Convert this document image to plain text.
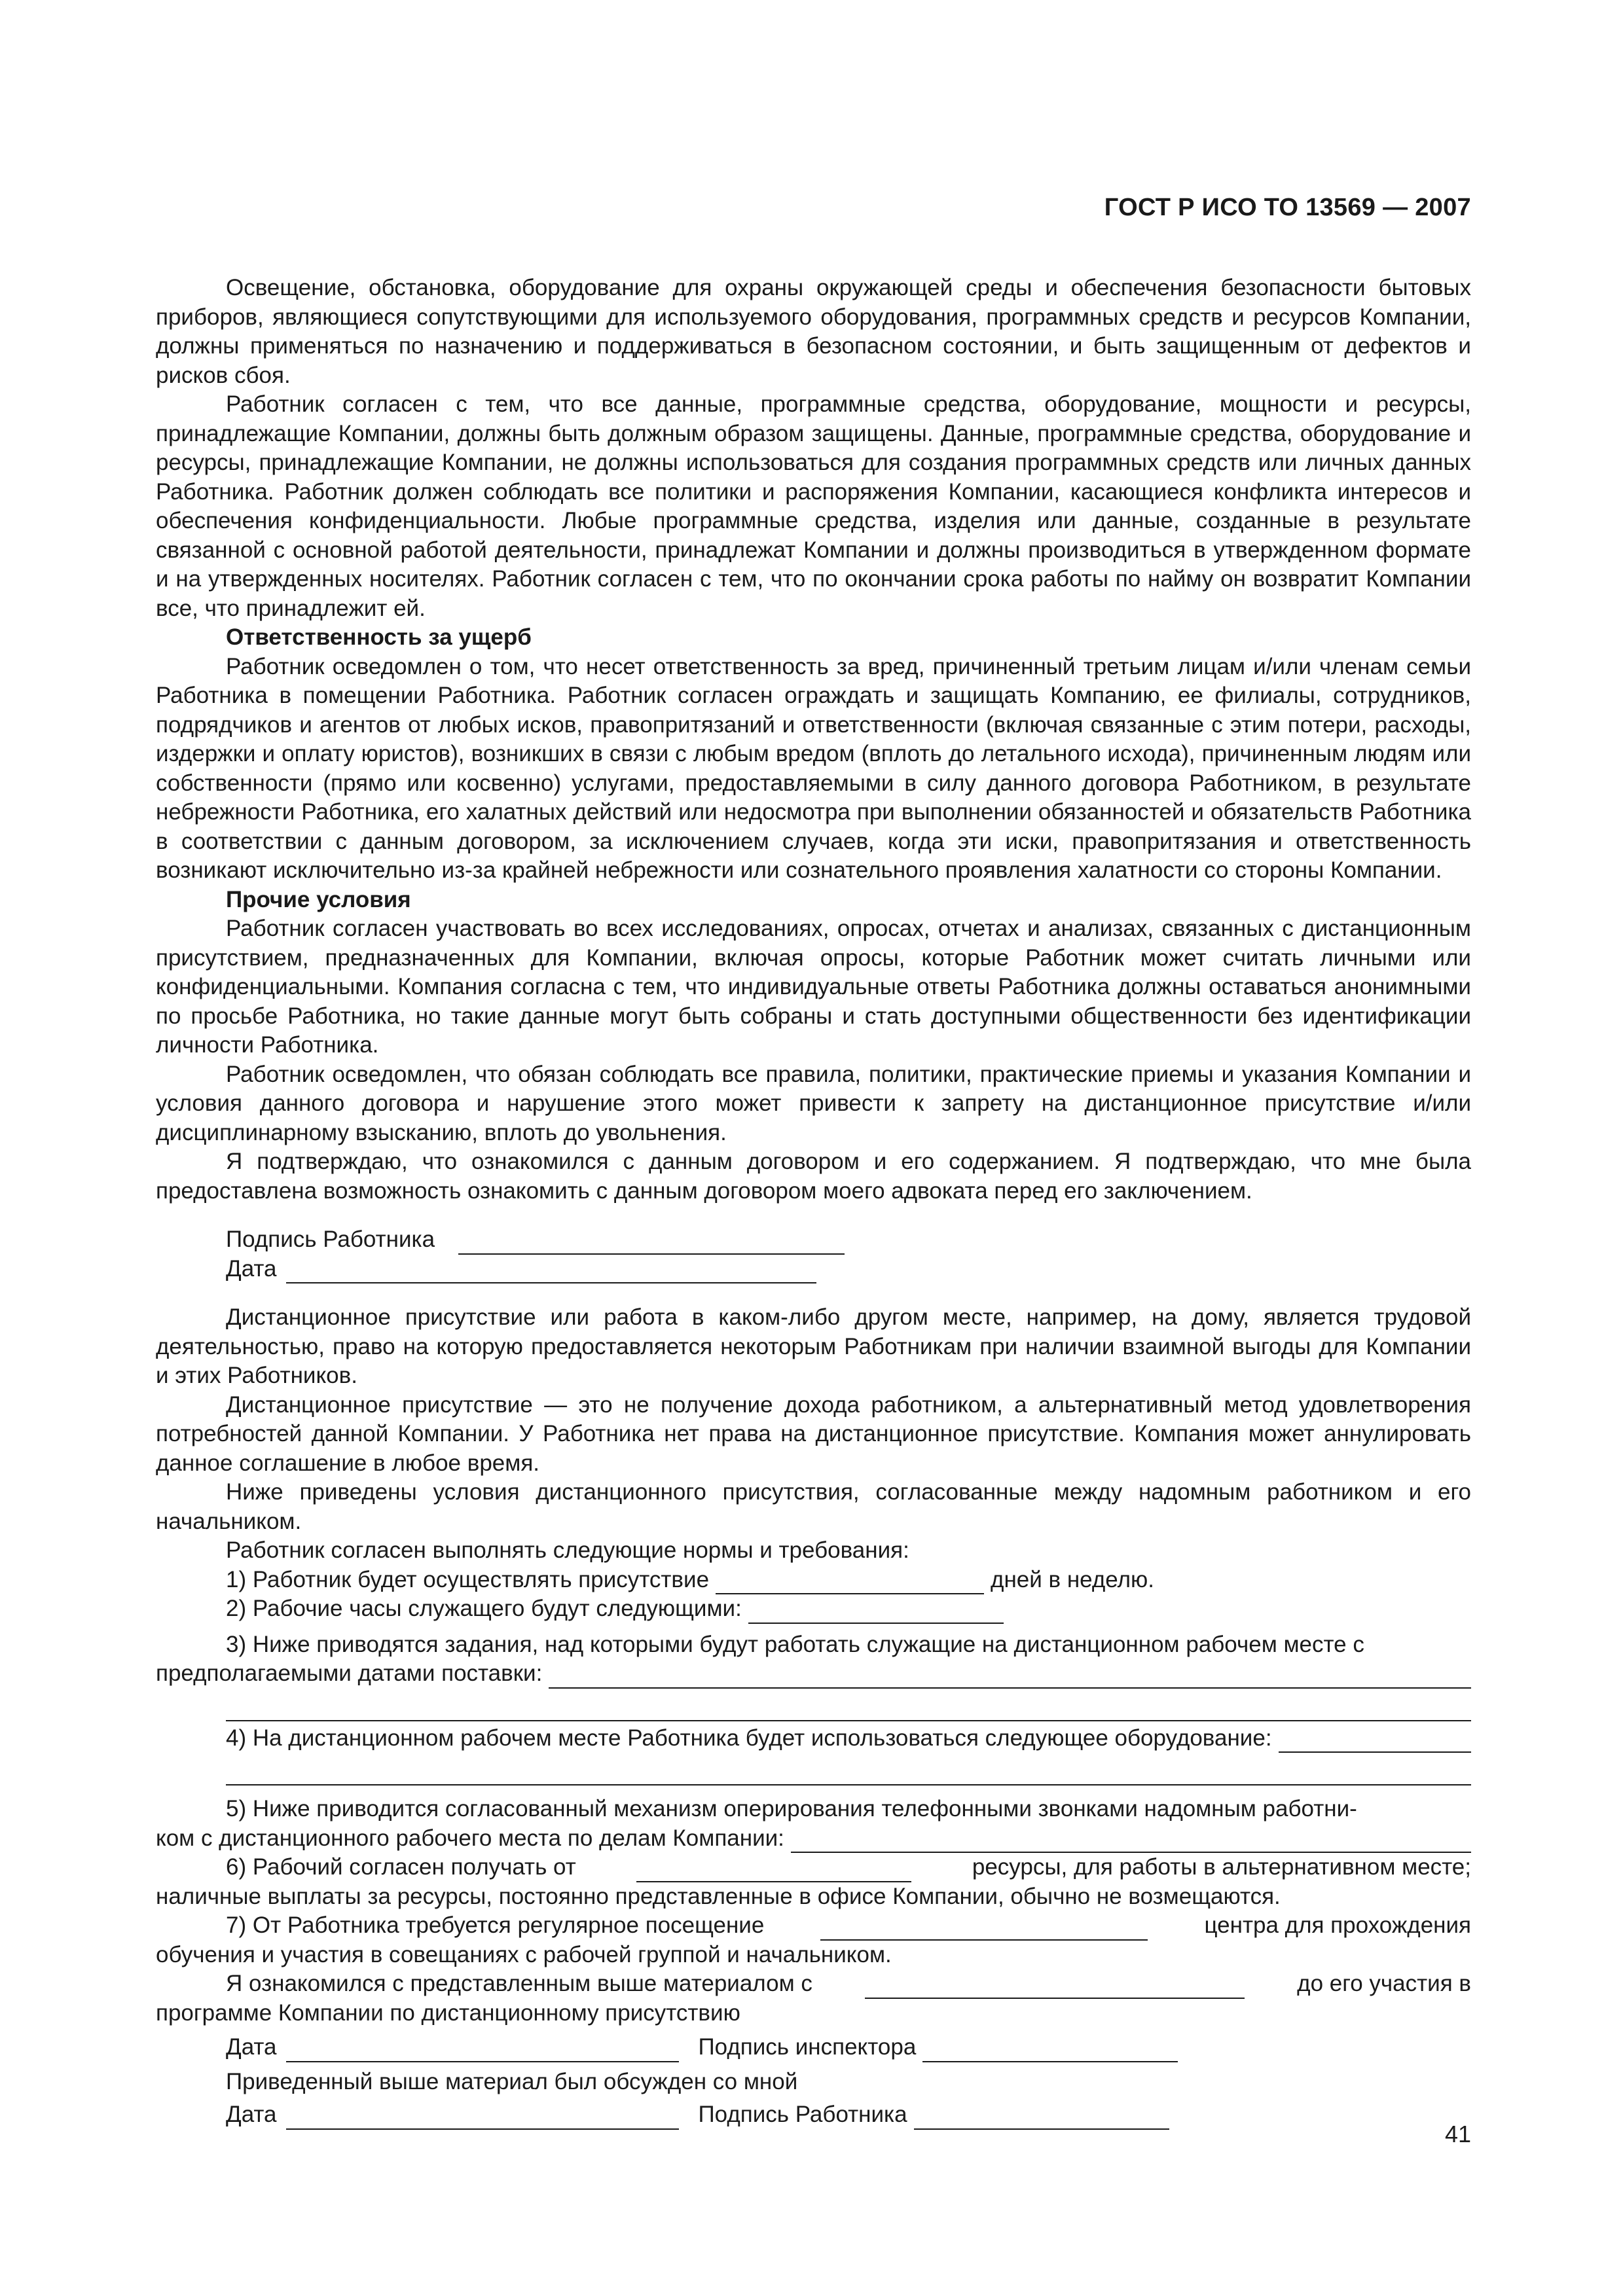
ГОСТ Р ИСО ТО 13569 — 2007

Освещение, обстановка, оборудование для охраны окружающей среды и обеспечения безопасности бытовых приборов, являющиеся сопутствующими для используемого оборудования, программных средств и ресурсов Компании, должны применяться по назначению и поддерживаться в безопасном состоянии, и быть защищенным от дефектов и рисков сбоя.

Работник согласен с тем, что все данные, программные средства, оборудование, мощности и ресурсы, принадлежащие Компании, должны быть должным образом защищены. Данные, программные средства, оборудование и ресурсы, принадлежащие Компании, не должны использоваться для создания программных средств или личных данных Работника. Работник должен соблюдать все политики и распоряжения Компании, касающиеся конфликта интересов и обеспечения конфиденциальности. Любые программные средства, изделия или данные, созданные в результате связанной с основной работой деятельности, принадлежат Компании и должны производиться в утвержденном формате и на утвержденных носителях. Работник согласен с тем, что по окончании срока работы по найму он возвратит Компании все, что принадлежит ей.

Ответственность за ущерб

Работник осведомлен о том, что несет ответственность за вред, причиненный третьим лицам и/или членам семьи Работника в помещении Работника. Работник согласен ограждать и защищать Компанию, ее филиалы, сотрудников, подрядчиков и агентов от любых исков, правопритязаний и ответственности (включая связанные с этим потери, расходы, издержки и оплату юристов), возникших в связи с любым вредом (вплоть до летального исхода), причиненным людям или собственности (прямо или косвенно) услугами, предоставляемыми в силу данного договора Работником, в результате небрежности Работника, его халатных действий или недосмотра при выполнении обязанностей и обязательств Работника в соответствии с данным договором, за исключением случаев, когда эти иски, правопритязания и ответственность возникают исключительно из-за крайней небрежности или сознательного проявления халатности со стороны Компании.

Прочие условия

Работник согласен участвовать во всех исследованиях, опросах, отчетах и анализах, связанных с дистанционным присутствием, предназначенных для Компании, включая опросы, которые Работник может считать личными или конфиденциальными. Компания согласна с тем, что индивидуальные ответы Работника должны оставаться анонимными по просьбе Работника, но такие данные могут быть собраны и стать доступными общественности без идентификации личности Работника.

Работник осведомлен, что обязан соблюдать все правила, политики, практические приемы и указания Компании и условия данного договора и нарушение этого может привести к запрету на дистанционное присутствие и/или дисциплинарному взысканию, вплоть до увольнения.

Я подтверждаю, что ознакомился с данным договором и его содержанием. Я подтверждаю, что мне была предоставлена возможность ознакомить с данным договором моего адвоката перед его заключением.

Подпись Работника
Дата

Дистанционное присутствие или работа в каком-либо другом месте, например, на дому, является трудовой деятельностью, право на которую предоставляется некоторым Работникам при наличии взаимной выгоды для Компании и этих Работников.

Дистанционное присутствие — это не получение дохода работником, а альтернативный метод удовлетворения потребностей данной Компании. У Работника нет права на дистанционное присутствие. Компания может аннулировать данное соглашение в любое время.

Ниже приведены условия дистанционного присутствия, согласованные между надомным работником и его начальником.

Работник согласен выполнять следующие нормы и требования:
1) Работник будет осуществлять присутствие	дней в неделю.
2) Рабочие часы служащего будут следующими:

3) Ниже приводятся задания, над которыми будут работать служащие на дистанционном рабочем месте с

предполагаемыми датами поставки:
4) На дистанционном рабочем месте Работника будет использоваться следующее оборудование:

5) Ниже приводится согласованный механизм оперирования телефонными звонками надомным работни-

ком с дистанционного рабочего места по делам Компании:
6) Рабочий согласен получать от	ресурсы, для работы в альтернативном месте;
наличные выплаты за ресурсы, постоянно представленные в офисе Компании, обычно не возмещаются.
7) От Работника требуется регулярное посещение	центра для прохождения
обучения и участия в совещаниях с рабочей группой и начальником.
Я ознакомился с представленным выше материалом с	до его участия в
программе Компании по дистанционному присутствию
Дата	Подпись инспектора
Приведенный выше материал был обсужден со мной
Дата	Подпись Работника
41
